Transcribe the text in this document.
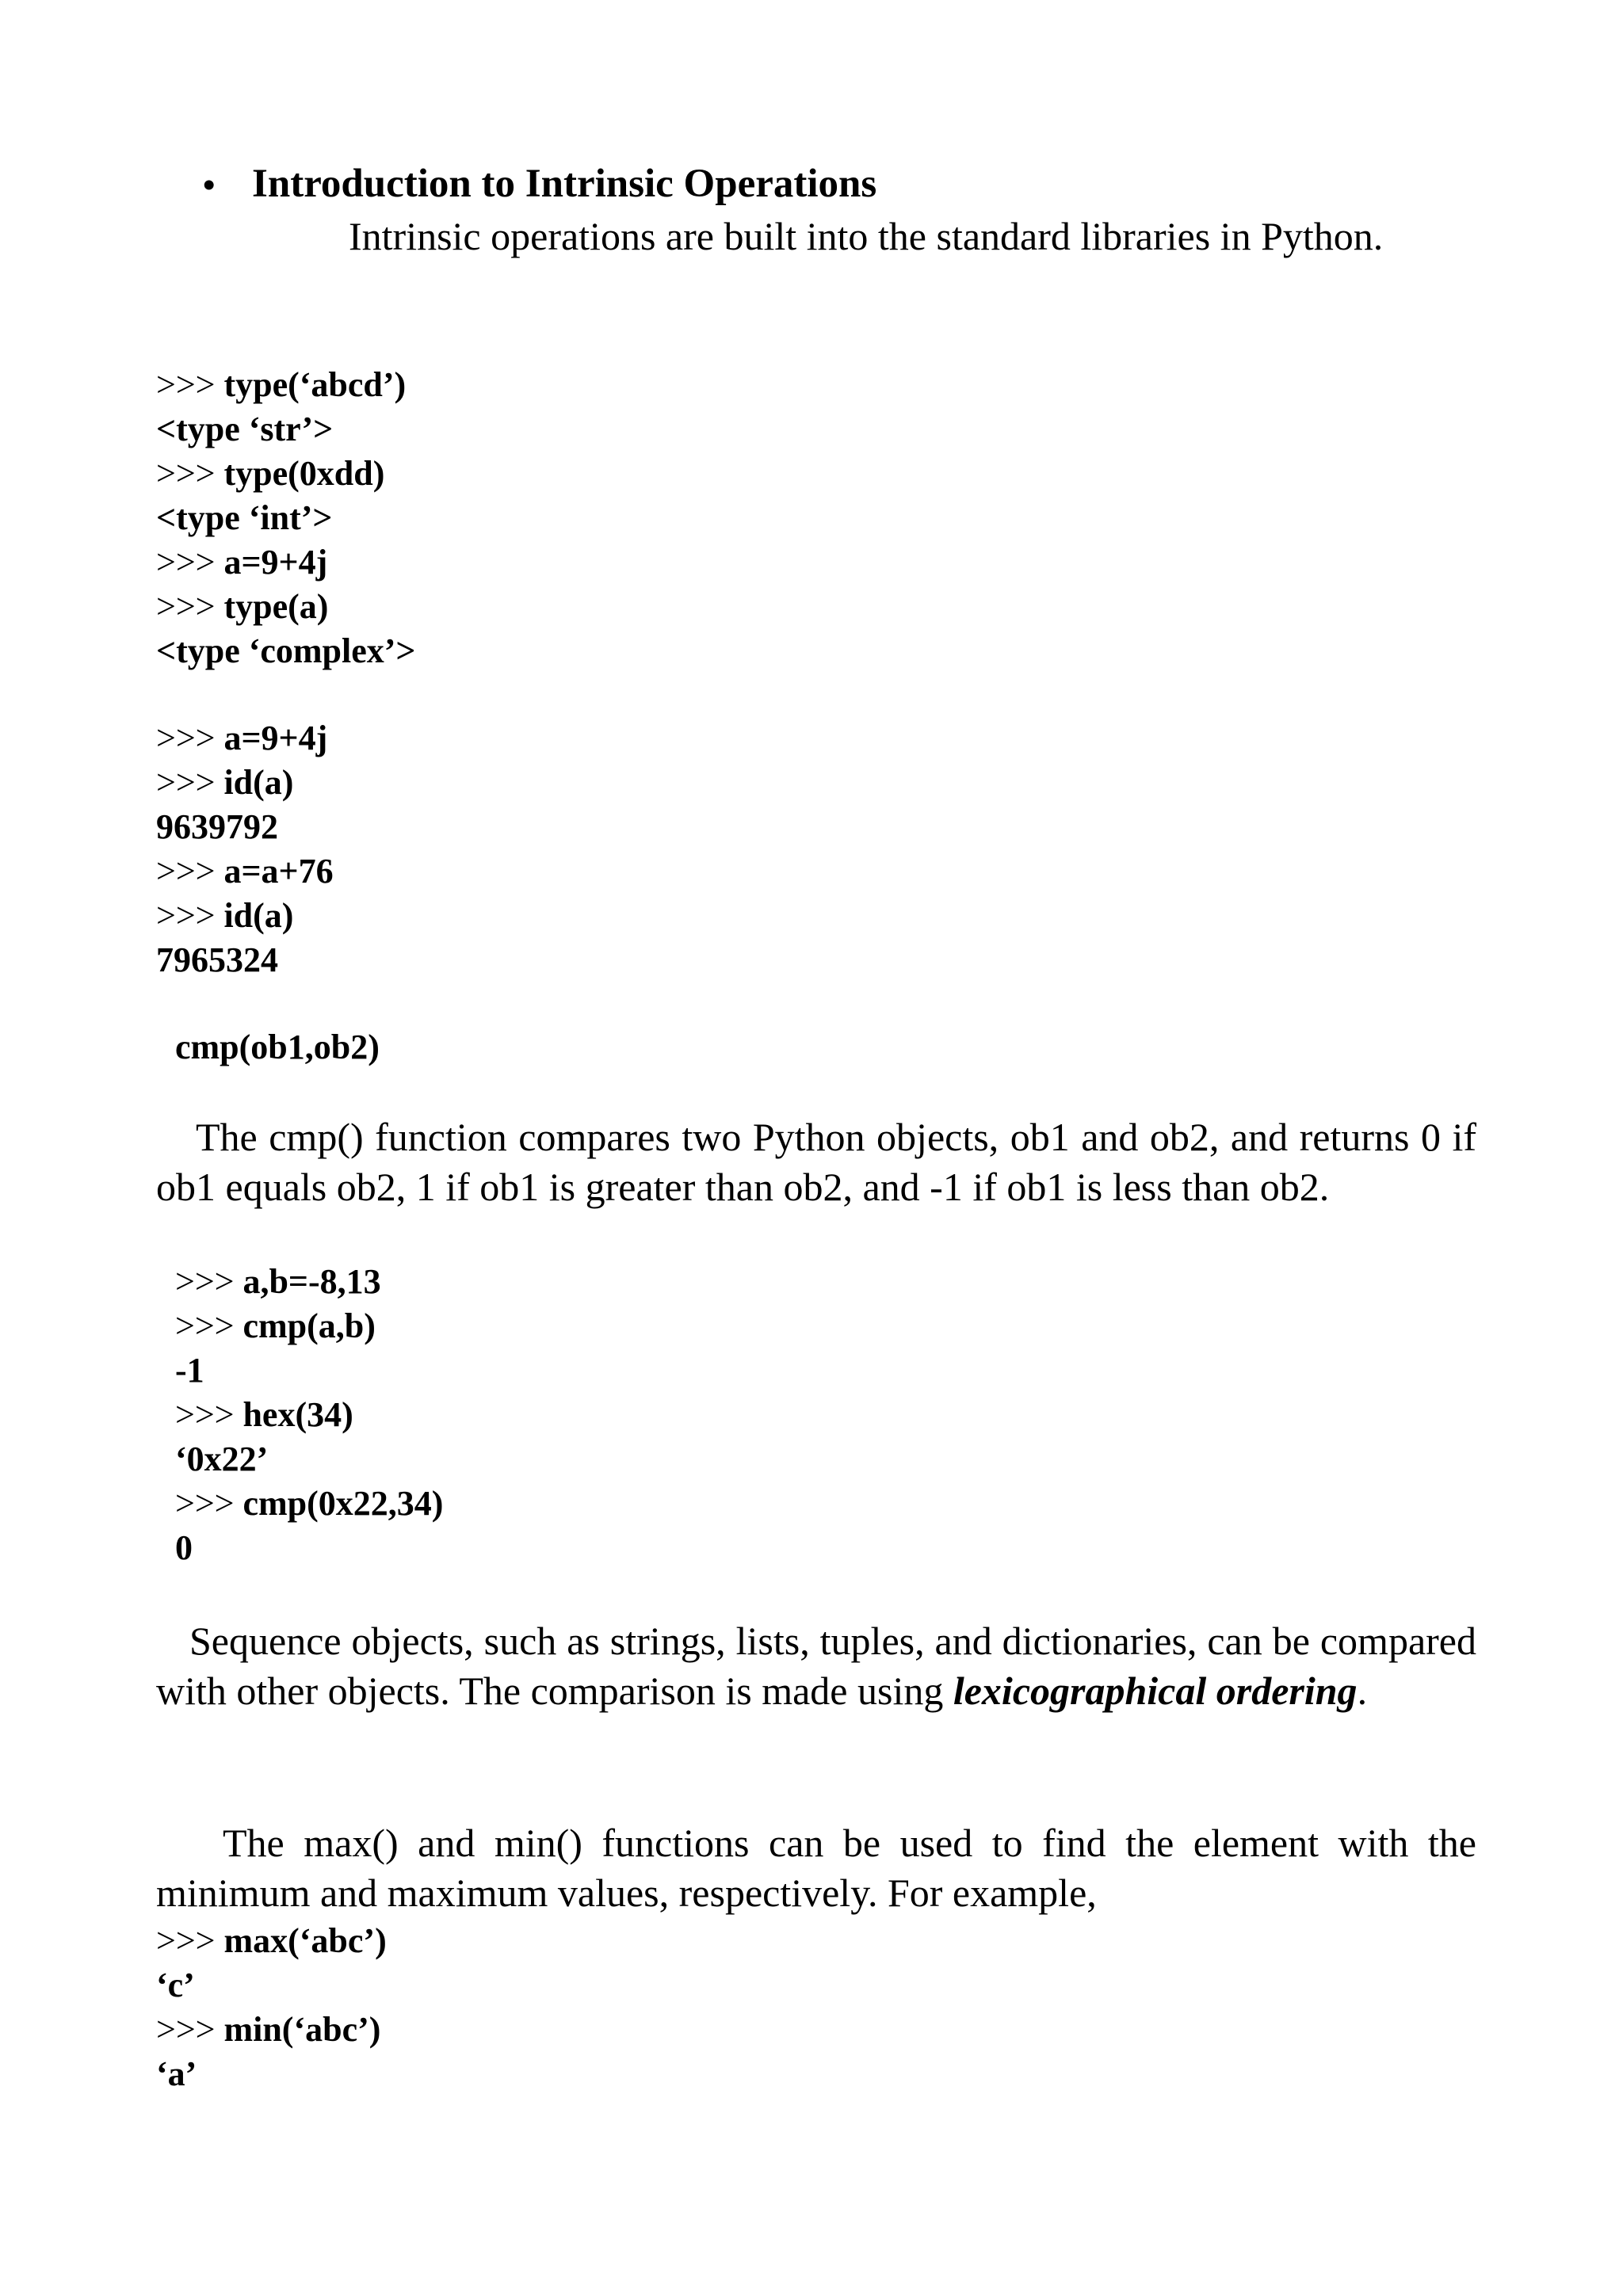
• Introduction to Intrinsic Operations

Intrinsic operations are built into the standard libraries in Python.

>>> type(‘abcd’)
<type ‘str’>
>>> type(0xdd)
<type ‘int’>
>>> a=9+4j
>>> type(a)
<type ‘complex’>
>>> a=9+4j
>>> id(a)
9639792
>>> a=a+76
>>> id(a)
7965324
cmp(ob1,ob2)

The cmp() function compares two Python objects, ob1 and ob2, and returns 0 if ob1 equals ob2, 1 if ob1 is greater than ob2, and -1 if ob1 is less than ob2.

>>> a,b=-8,13
>>> cmp(a,b)
-1
>>> hex(34)
‘0x22’
>>> cmp(0x22,34)
0

Sequence objects, such as strings, lists, tuples, and dictionaries, can be compared with other objects. The comparison is made using lexicographical ordering.

The max() and min() functions can be used to find the element with the minimum and maximum values, respectively. For example,

>>> max(‘abc’)
‘c’
>>> min(‘abc’)
‘a’
